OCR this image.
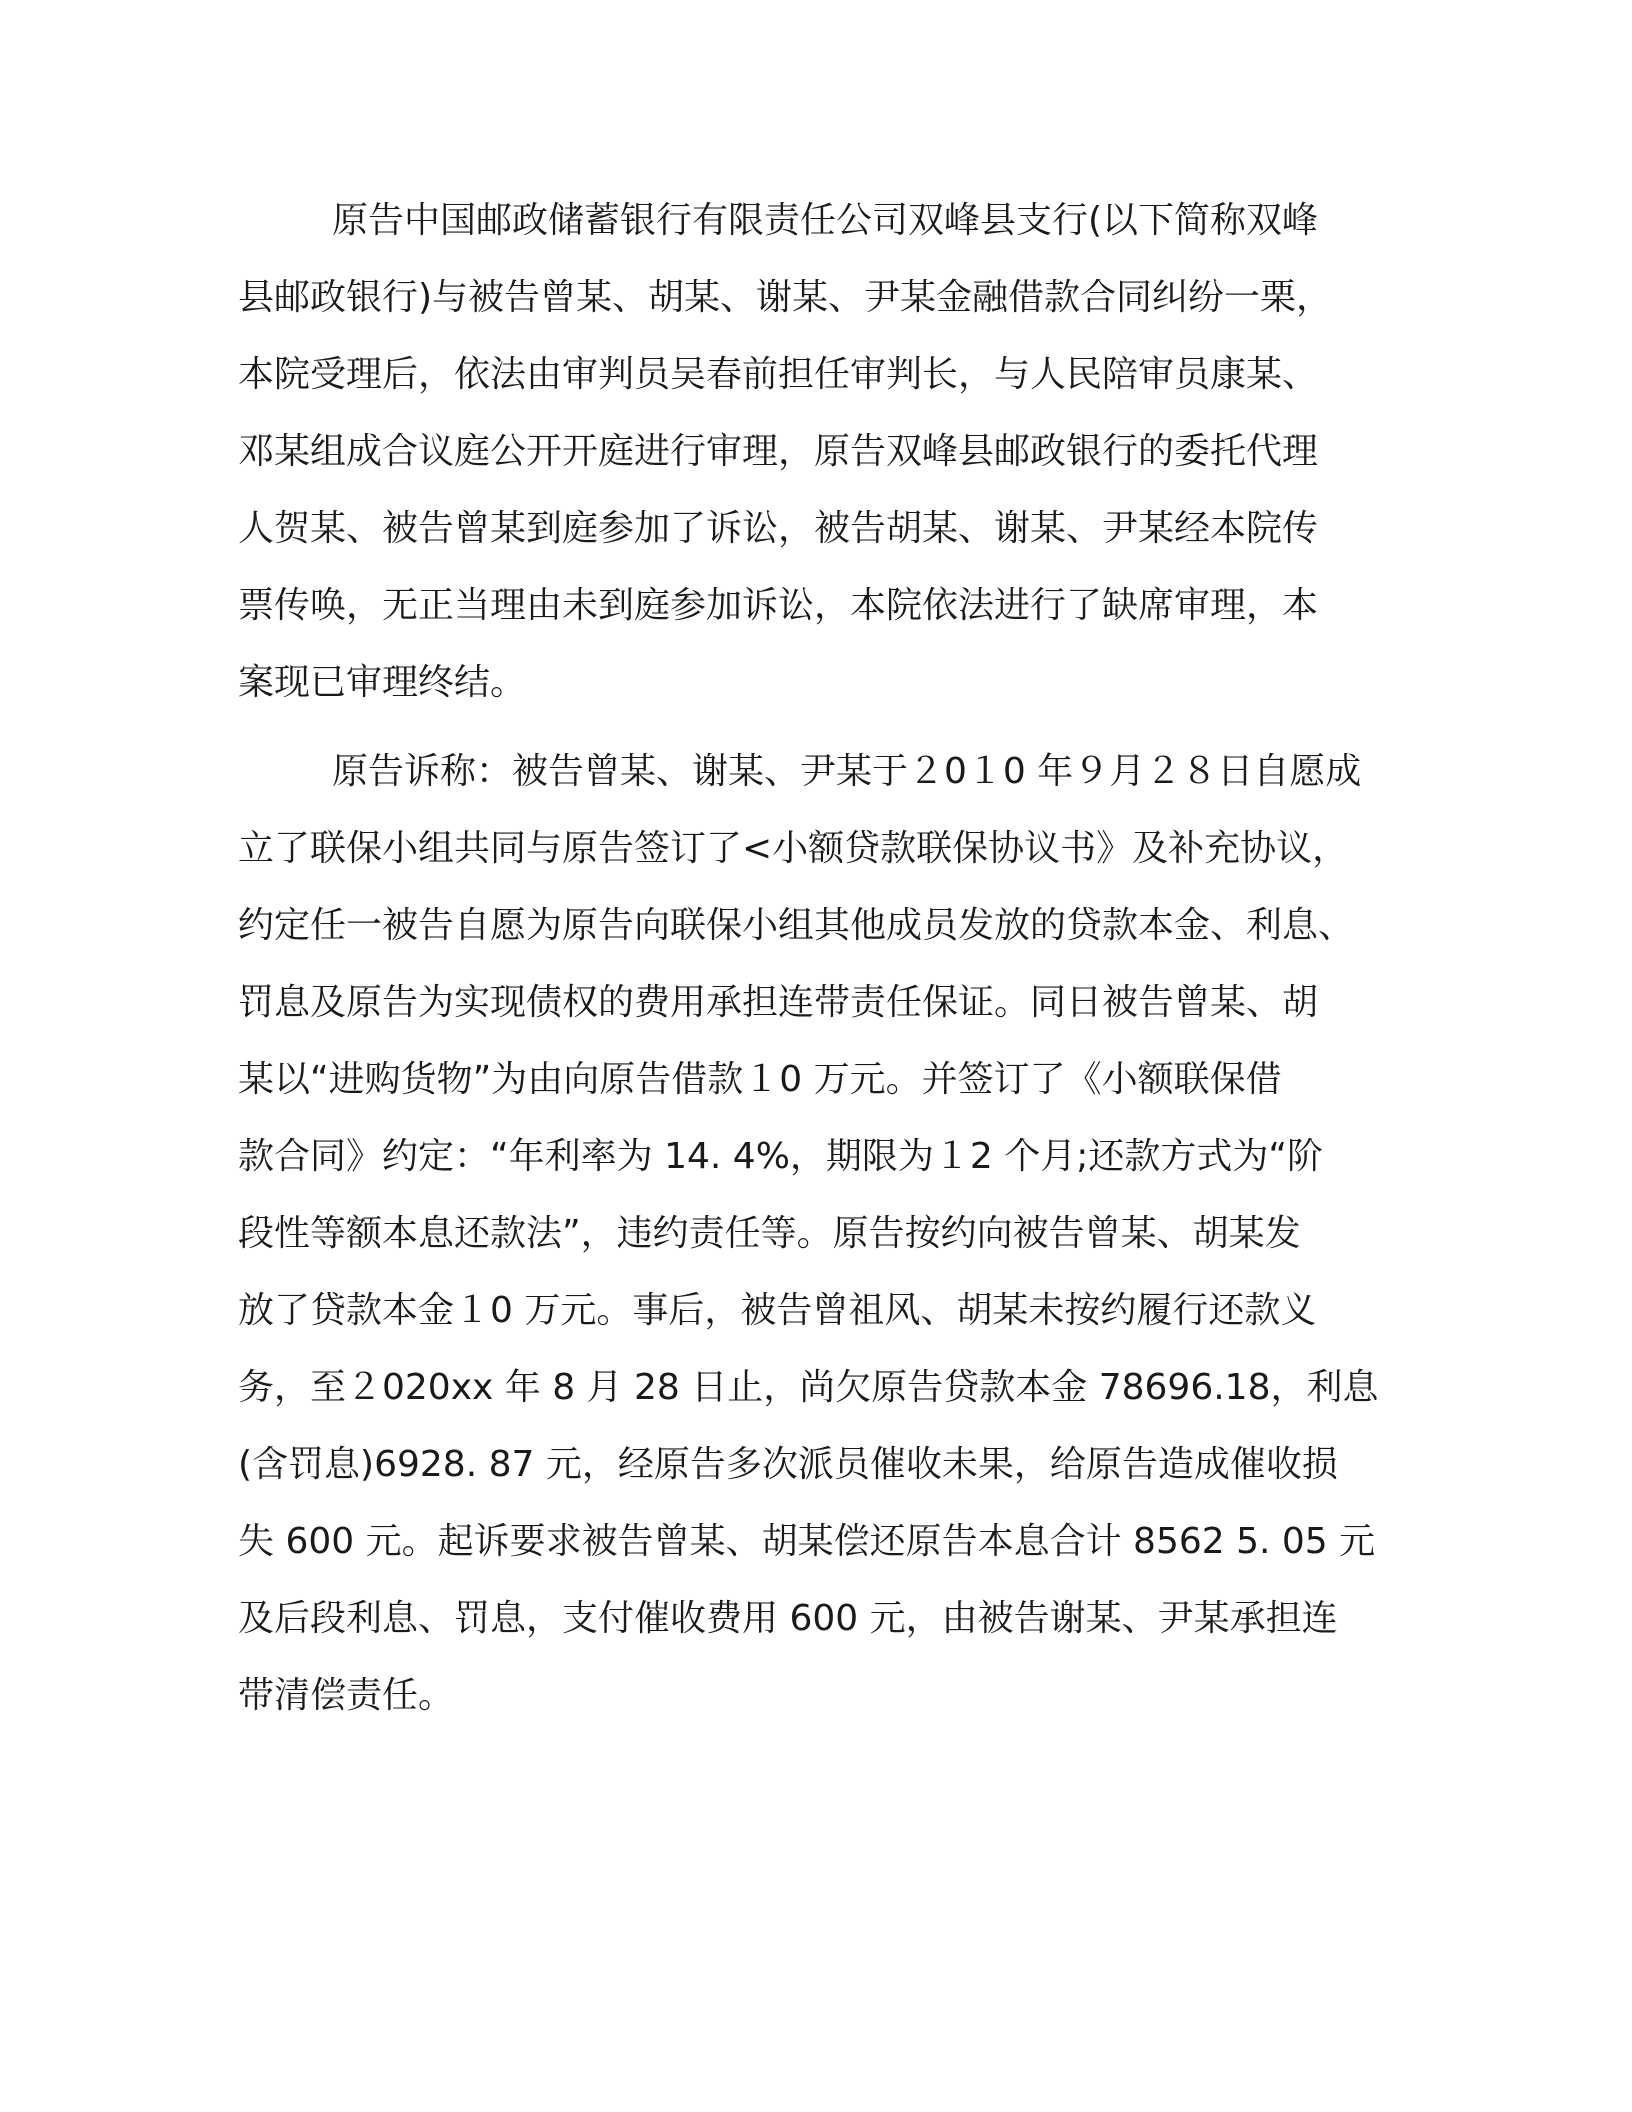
原告中国邮政储蓄银行有限责任公司双峰县支行(以下简称双峰
县邮政银行)与被告曾某、胡某、谢某、尹某金融借款合同纠纷一栗，
本院受理后，依法由审判员吴春前担任审判长，与人民陪审员康某、
邓某组成合议庭公开开庭进行审理，原告双峰县邮政银行的委托代理
人贺某、被告曾某到庭参加了诉讼，被告胡某、谢某、尹某经本院传
票传唤，无正当理由未到庭参加诉讼，本院依法进行了缺席审理，本
案现已审理终结。
原告诉称：被告曾某、谢某、尹某于２0１0 年９月２８日自愿成
立了联保小组共同与原告签订了<小额贷款联保协议书》及补充协议，
约定任一被告自愿为原告向联保小组其他成员发放的贷款本金、利息、
罚息及原告为实现债权的费用承担连带责任保证。同日被告曾某、胡
某以“进购货物”为由向原告借款１0 万元。并签订了《小额联保借
款合同》约定：“年利率为 14. 4%，期限为１2 个月;还款方式为“阶
段性等额本息还款法”，违约责任等。原告按约向被告曾某、胡某发
放了贷款本金１0 万元。事后，被告曾祖风、胡某未按约履行还款义
务，至２020xx 年 8 月 28 日止，尚欠原告贷款本金 78696.18，利息
(含罚息)6928. 87 元，经原告多次派员催收未果，给原告造成催收损
失 600 元。起诉要求被告曾某、胡某偿还原告本息合计 8562 5. 05 元
及后段利息、罚息，支付催收费用 600 元，由被告谢某、尹某承担连
带清偿责任。
